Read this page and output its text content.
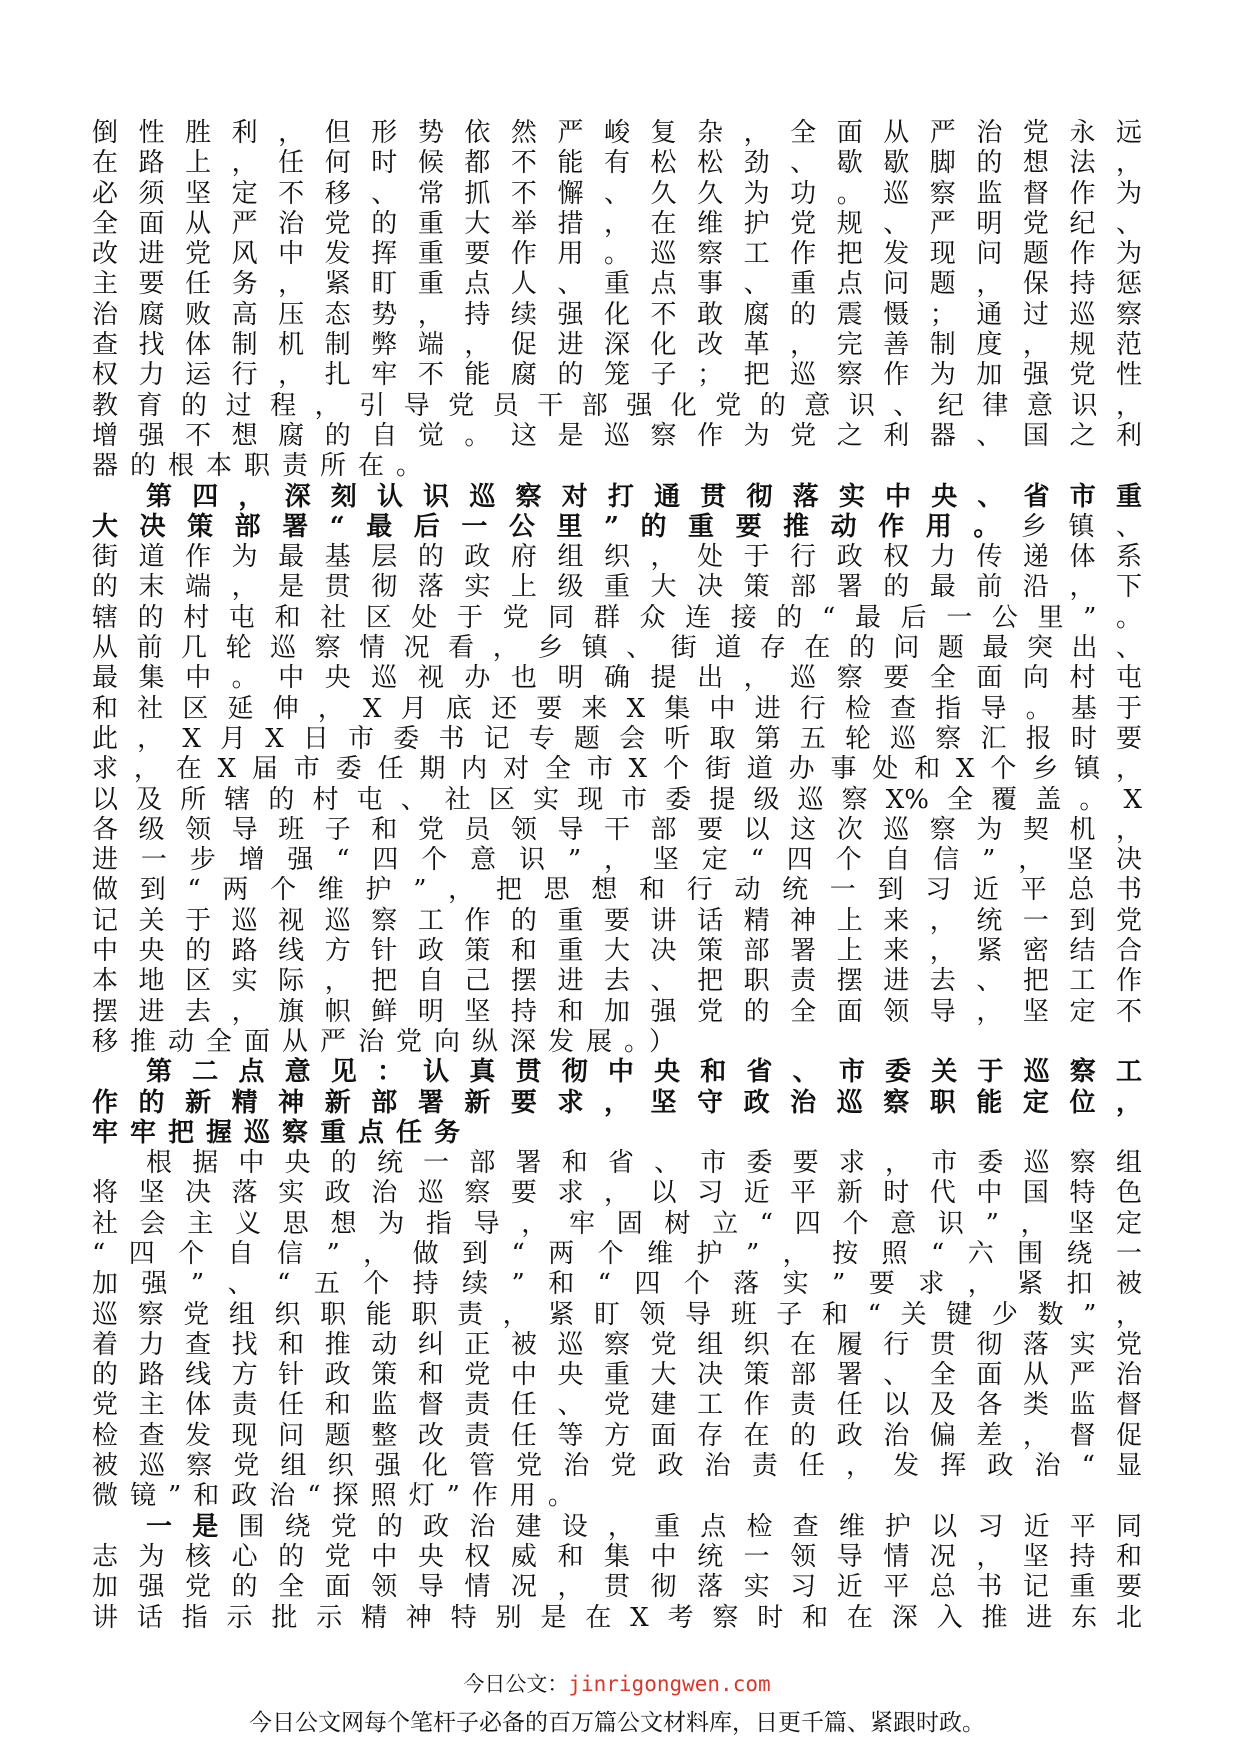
倒性胜利，但形势依然严峻复杂，全面从严治党永远
在路上，任何时候都不能有松松劲、歇歇脚的想法，
必须坚定不移、常抓不懈、久久为功。巡察监督作为
全面从严治党的重大举措，在维护党规、严明党纪、
改进党风中发挥重要作用。巡察工作把发现问题作为
主要任务，紧盯重点人、重点事、重点问题，保持惩
治腐败高压态势，持续强化不敢腐的震慑；通过巡察
查找体制机制弊端，促进深化改革，完善制度，规范
权力运行，扎牢不能腐的笼子；把巡察作为加强党性
教育的过程，引导党员干部强化党的意识、纪律意识，
增强不想腐的自觉。这是巡察作为党之利器、国之利
器的根本职责所在。
第四，深刻认识巡察对打通贯彻落实中央、省市重
大决策部署“最后一公里”的重要推动作用。乡镇、
街道作为最基层的政府组织，处于行政权力传递体系
的末端，是贯彻落实上级重大决策部署的最前沿，下
辖的村屯和社区处于党同群众连接的“最后一公里”。
从前几轮巡察情况看，乡镇、街道存在的问题最突出、
最集中。中央巡视办也明确提出，巡察要全面向村屯
和社区延伸，X月底还要来X集中进行检查指导。基于
此，X月X日市委书记专题会听取第五轮巡察汇报时要
求，在X届市委任期内对全市X个街道办事处和X个乡镇，
以及所辖的村屯、社区实现市委提级巡察X%全覆盖。X
各级领导班子和党员领导干部要以这次巡察为契机，
进一步增强“四个意识”，坚定“四个自信”，坚决
做到“两个维护”，把思想和行动统一到习近平总书
记关于巡视巡察工作的重要讲话精神上来，统一到党
中央的路线方针政策和重大决策部署上来，紧密结合
本地区实际，把自己摆进去、把职责摆进去、把工作
摆进去，旗帜鲜明坚持和加强党的全面领导，坚定不
移推动全面从严治党向纵深发展。）
第二点意见：认真贯彻中央和省、市委关于巡察工
作的新精神新部署新要求，坚守政治巡察职能定位，
牢牢把握巡察重点任务
根据中央的统一部署和省、市委要求，市委巡察组
将坚决落实政治巡察要求，以习近平新时代中国特色
社会主义思想为指导，牢固树立“四个意识”，坚定
“四个自信”，做到“两个维护”，按照“六围绕一
加强”、“五个持续”和“四个落实”要求，紧扣被
巡察党组织职能职责，紧盯领导班子和“关键少数”，
着力查找和推动纠正被巡察党组织在履行贯彻落实党
的路线方针政策和党中央重大决策部署、全面从严治
党主体责任和监督责任、党建工作责任以及各类监督
检查发现问题整改责任等方面存在的政治偏差，督促
被巡察党组织强化管党治党政治责任，发挥政治“显
微镜”和政治“探照灯”作用。
一是围绕党的政治建设，重点检查维护以习近平同
志为核心的党中央权威和集中统一领导情况，坚持和
加强党的全面领导情况，贯彻落实习近平总书记重要
讲话指示批示精神特别是在X考察时和在深入推进东北
今日公文：jinrigongwen.com
今日公文网每个笔杆子必备的百万篇公文材料库，日更千篇、紧跟时政。
